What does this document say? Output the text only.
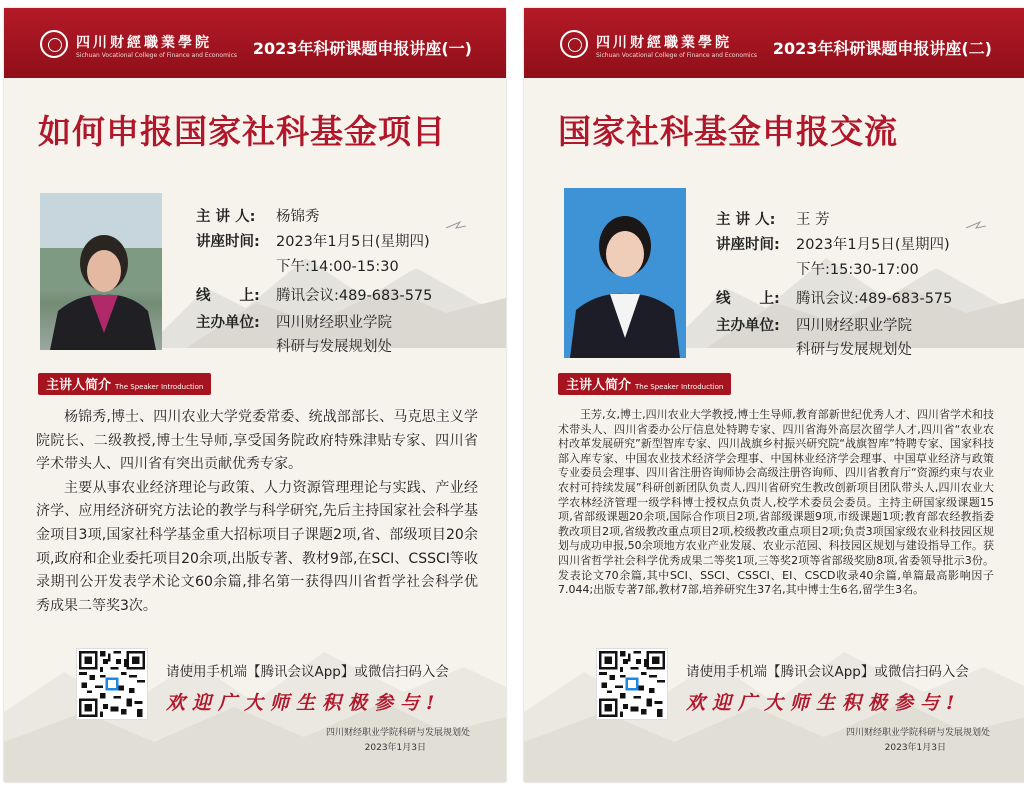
四川财經職業學院
Sichuan Vocational College of Finance and Economics 2023年科研课题申报讲座(一)
如何申报国家社科基金项目
主 讲 人:	杨锦秀
讲座时间:	2023年1月5日(星期四)
下午:14:00-15:30
线　　上:	腾讯会议:489-683-575
主办单位:	四川财经职业学院
科研与发展规划处
主讲人简介 The Speaker Introduction

杨锦秀,博士、四川农业大学党委常委、统战部部长、马克思主义学院院长、二级教授,博士生导师,享受国务院政府特殊津贴专家、四川省学术带头人、四川省有突出贡献优秀专家。

主要从事农业经济理论与政策、人力资源管理理论与实践、产业经济学、应用经济研究方法论的教学与科学研究,先后主持国家社会科学基金项目3项,国家社科学基金重大招标项目子课题2项,省、部级项目20余项,政府和企业委托项目20余项,出版专著、教材9部,在SCI、CSSCI等收录期刊公开发表学术论文60余篇,排名第一获得四川省哲学社会科学优秀成果二等奖3次。

请使用手机端【腾讯会议App】或微信扫码入会
欢迎广大师生积极参与!
四川财经职业学院科研与发展规划处
2023年1月3日
四川财經職業學院
Sichuan Vocational College of Finance and Economics 2023年科研课题申报讲座(二)
国家社科基金申报交流
主 讲 人:	王 芳
讲座时间:	2023年1月5日(星期四)
下午:15:30-17:00
线　　上:	腾讯会议:489-683-575
主办单位:	四川财经职业学院
科研与发展规划处
主讲人简介 The Speaker Introduction

王芳,女,博士,四川农业大学教授,博士生导师,教育部新世纪优秀人才、四川省学术和技术带头人、四川省委办公厅信息处特聘专家、四川省海外高层次留学人才,四川省“农业农村改革发展研究”新型智库专家、四川战旗乡村振兴研究院“战旗智库”特聘专家、国家科技部入库专家、中国农业技术经济学会理事、中国林业经济学会理事、中国草业经济与政策专业委员会理事、四川省注册咨询师协会高级注册咨询师、四川省教育厅“资源约束与农业农村可持续发展”科研创新团队负责人,四川省研究生教改创新项目团队带头人,四川农业大学农林经济管理一级学科博士授权点负责人,校学术委员会委员。主持主研国家级课题15项,省部级课题20余项,国际合作项目2项,省部级课题9项,市级课题1项;教育部农经教指委教改项目2项,省级教改重点项目2项,校级教改重点项目2项;负责3项国家级农业科技园区规划与成功申报,50余项地方农业产业发展、农业示范园、科技园区规划与建设指导工作。获四川省哲学社会科学优秀成果二等奖1项,三等奖2项等省部级奖励8项,省委领导批示3份。发表论文70余篇,其中SCI、SSCI、CSSCI、EI、CSCD收录40余篇,单篇最高影响因子7.044;出版专著7部,教材7部,培养研究生37名,其中博士生6名,留学生3名。

请使用手机端【腾讯会议App】或微信扫码入会
欢迎广大师生积极参与!
四川财经职业学院科研与发展规划处
2023年1月3日
